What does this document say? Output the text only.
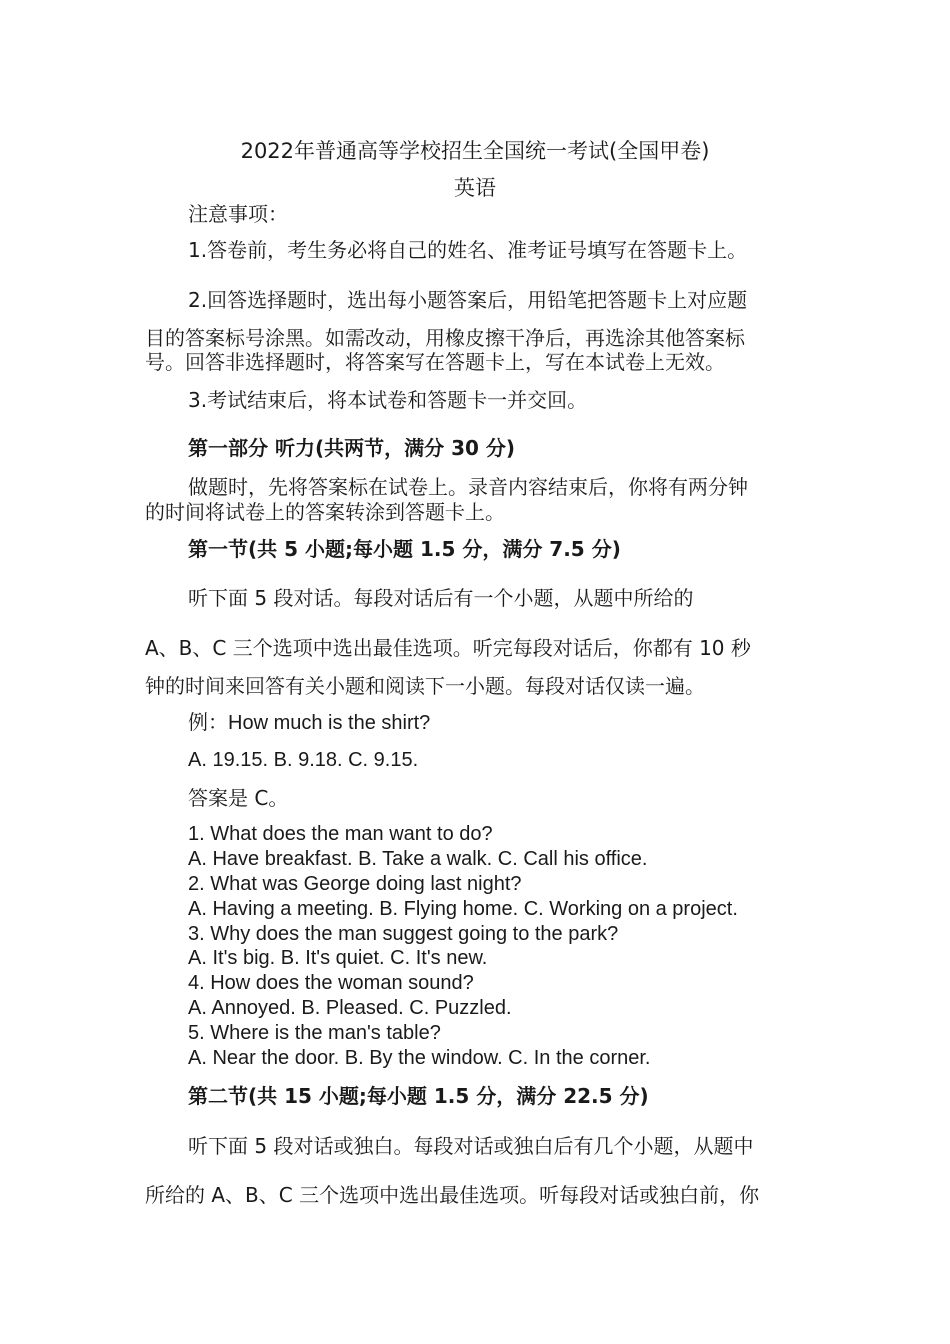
2022年普通高等学校招生全国统一考试(全国甲卷)
英语
注意事项：
1.答卷前，考生务必将自己的姓名、准考证号填写在答题卡上。
2.回答选择题时，选出每小题答案后，用铅笔把答题卡上对应题
目的答案标号涂黑。如需改动，用橡皮擦干净后，再选涂其他答案标
号。回答非选择题时，将答案写在答题卡上，写在本试卷上无效。
3.考试结束后，将本试卷和答题卡一并交回。
第一部分 听力(共两节，满分 30 分)
做题时，先将答案标在试卷上。录音内容结束后，你将有两分钟
的时间将试卷上的答案转涂到答题卡上。
第一节(共 5 小题;每小题 1.5 分，满分 7.5 分)
听下面 5 段对话。每段对话后有一个小题，从题中所给的
A、B、C 三个选项中选出最佳选项。听完每段对话后，你都有 10 秒
钟的时间来回答有关小题和阅读下一小题。每段对话仅读一遍。
例：How much is the shirt?
A. 19.15. B. 9.18. C. 9.15.
答案是 C。
1. What does the man want to do?
A. Have breakfast. B. Take a walk. C. Call his office.
2. What was George doing last night?
A. Having a meeting. B. Flying home. C. Working on a project.
3. Why does the man suggest going to the park?
A. It's big. B. It's quiet. C. It's new.
4. How does the woman sound?
A. Annoyed. B. Pleased. C. Puzzled.
5. Where is the man's table?
A. Near the door. B. By the window. C. In the corner.
第二节(共 15 小题;每小题 1.5 分，满分 22.5 分)
听下面 5 段对话或独白。每段对话或独白后有几个小题，从题中
所给的 A、B、C 三个选项中选出最佳选项。听每段对话或独白前，你
